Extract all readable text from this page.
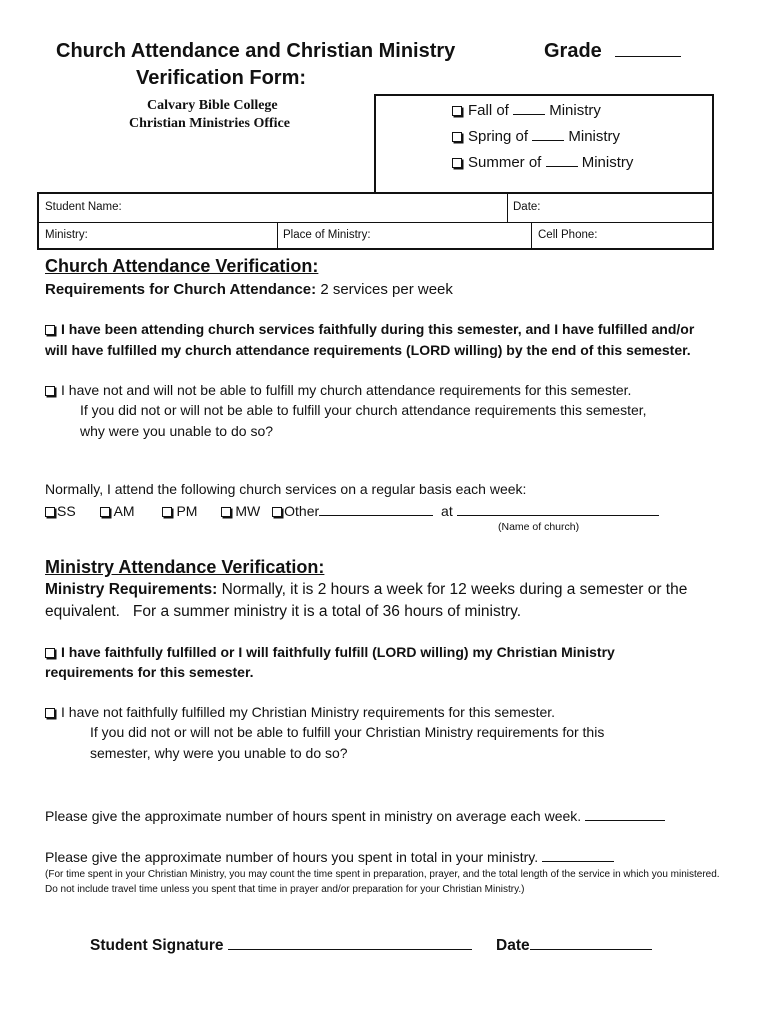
Church Attendance and Christian Ministry
Verification Form:
Grade
Calvary Bible College
Christian Ministries Office
Fall of	Ministry
Spring of	Ministry
Summer of	Ministry
Student Name:	Date:
Ministry:	Place of Ministry:	Cell Phone:
Church Attendance Verification:
Requirements for Church Attendance: 2 services per week
I have been attending church services faithfully during this semester, and I have fulfilled and/or
will have fulfilled my church attendance requirements (LORD willing) by the end of this semester.
I have not and will not be able to fulfill my church attendance requirements for this semester.
If you did not or will not be able to fulfill your church attendance requirements this semester,
why were you unable to do so?
Normally, I attend the following church services on a regular basis each week:
SS	AM	PM	MW Other	at
(Name of church)
Ministry Attendance Verification:
Ministry Requirements: Normally, it is 2 hours a week for 12 weeks during a semester or the
equivalent.   For a summer ministry it is a total of 36 hours of ministry.
I have faithfully fulfilled or I will faithfully fulfill (LORD willing) my Christian Ministry
requirements for this semester.
I have not faithfully fulfilled my Christian Ministry requirements for this semester.
If you did not or will not be able to fulfill your Christian Ministry requirements for this
semester, why were you unable to do so?
Please give the approximate number of hours spent in ministry on average each week.
Please give the approximate number of hours you spent in total in your ministry.
(For time spent in your Christian Ministry, you may count the time spent in preparation, prayer, and the total length of the service in which you ministered. Do not include travel time unless you spent that time in prayer and/or preparation for your Christian Ministry.)
Student Signature	Date
